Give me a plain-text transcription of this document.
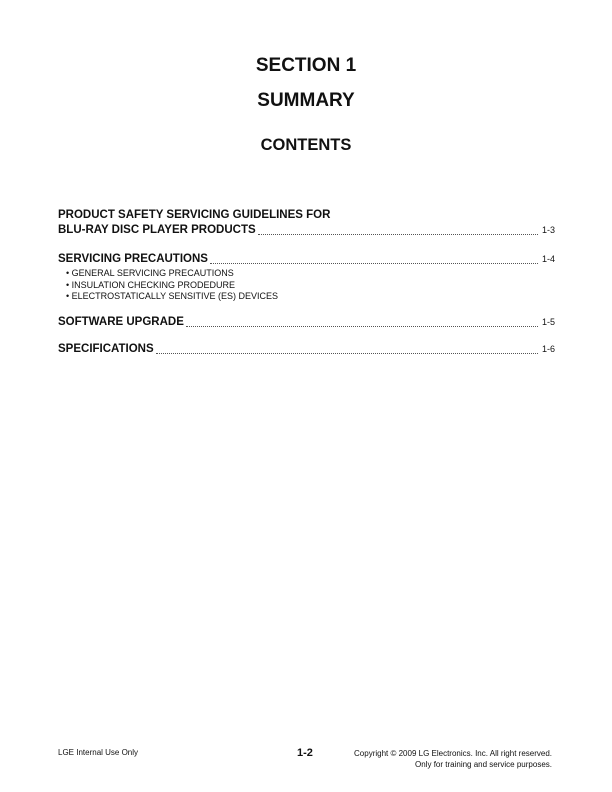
SECTION 1
SUMMARY
CONTENTS
PRODUCT SAFETY SERVICING GUIDELINES FOR
BLU-RAY DISC PLAYER PRODUCTS	1-3
SERVICING PRECAUTIONS	1-4
• GENERAL SERVICING PRECAUTIONS
• INSULATION CHECKING PRODEDURE
• ELECTROSTATICALLY SENSITIVE (ES) DEVICES
SOFTWARE UPGRADE	1-5
SPECIFICATIONS	1-6
LGE Internal Use Only	1-2	Copyright © 2009 LG Electronics. Inc. All right reserved.
Only for training and service purposes.
